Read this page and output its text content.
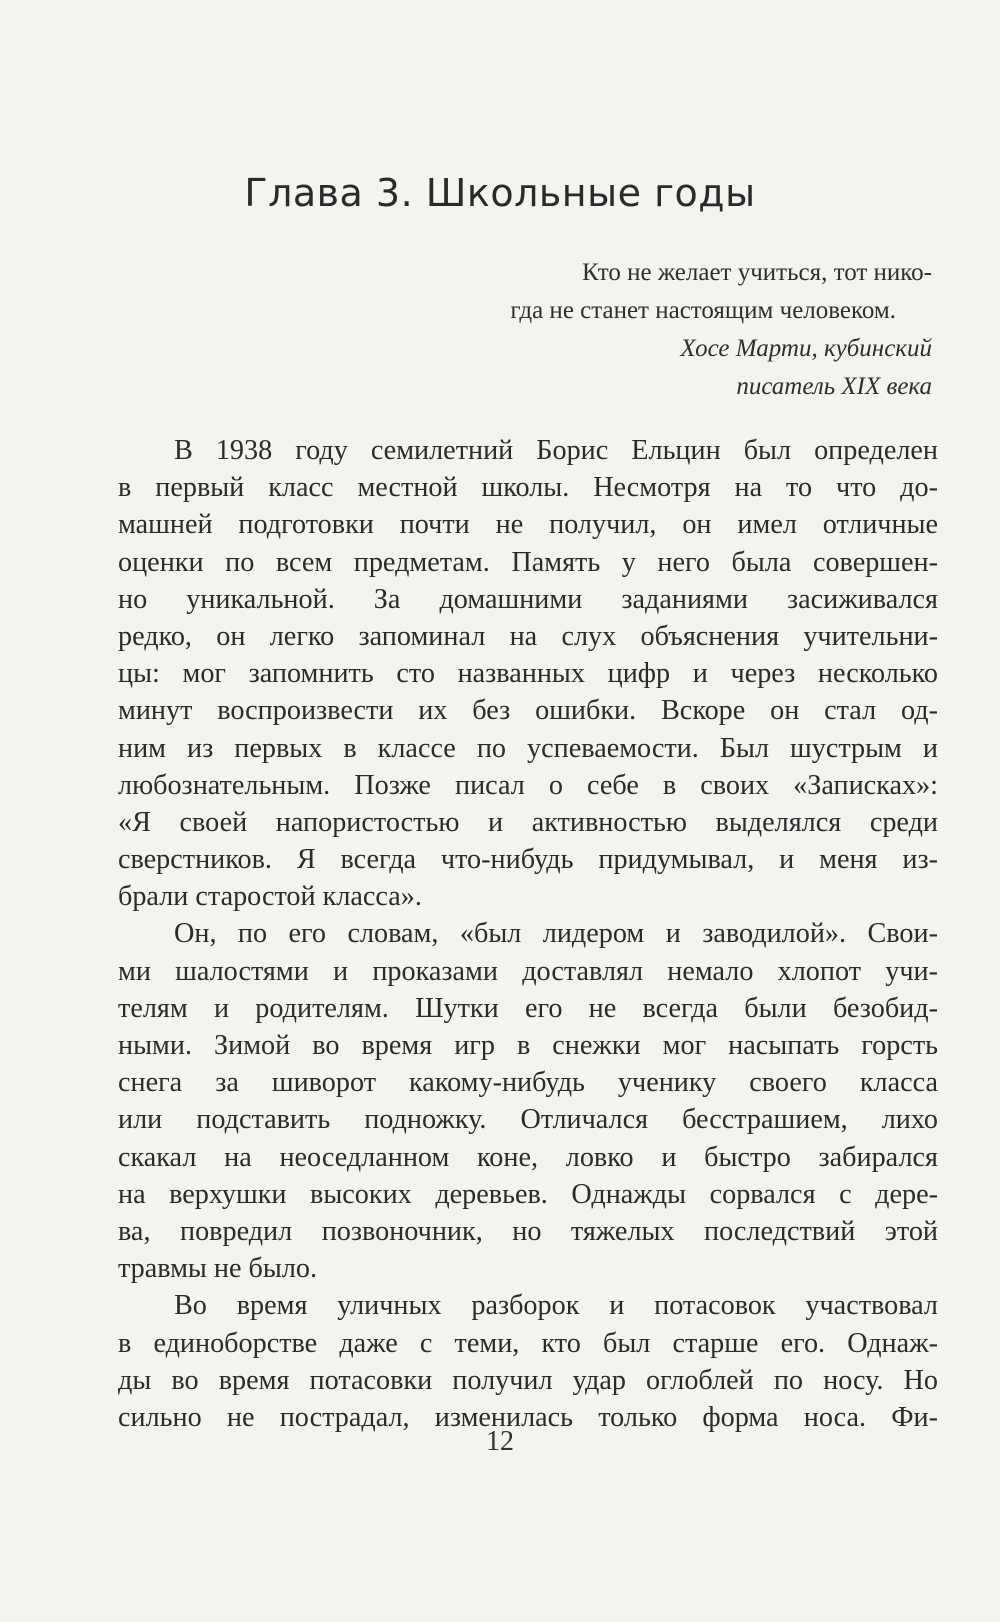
Глава 3. Школьные годы
Кто не желает учиться, тот нико-
гда не станет настоящим человеком.
Хосе Марти, кубинский
писатель XIX века
В 1938 году семилетний Борис Ельцин был определен
в первый класс местной школы. Несмотря на то что до-
машней подготовки почти не получил, он имел отличные
оценки по всем предметам. Память у него была совершен-
но уникальной. За домашними заданиями засиживался
редко, он легко запоминал на слух объяснения учительни-
цы: мог запомнить сто названных цифр и через несколько
минут воспроизвести их без ошибки. Вскоре он стал од-
ним из первых в классе по успеваемости. Был шустрым и
любознательным. Позже писал о себе в своих «Записках»:
«Я своей напористостью и активностью выделялся среди
сверстников. Я всегда что-нибудь придумывал, и меня из-
брали старостой класса».
Он, по его словам, «был лидером и заводилой». Свои-
ми шалостями и проказами доставлял немало хлопот учи-
телям и родителям. Шутки его не всегда были безобид-
ными. Зимой во время игр в снежки мог насыпать горсть
снега за шиворот какому-нибудь ученику своего класса
или подставить подножку. Отличался бесстрашием, лихо
скакал на неоседланном коне, ловко и быстро забирался
на верхушки высоких деревьев. Однажды сорвался с дере-
ва, повредил позвоночник, но тяжелых последствий этой
травмы не было.
Во время уличных разборок и потасовок участвовал
в единоборстве даже с теми, кто был старше его. Однаж-
ды во время потасовки получил удар оглоблей по носу. Но
сильно не пострадал, изменилась только форма носа. Фи-
12
